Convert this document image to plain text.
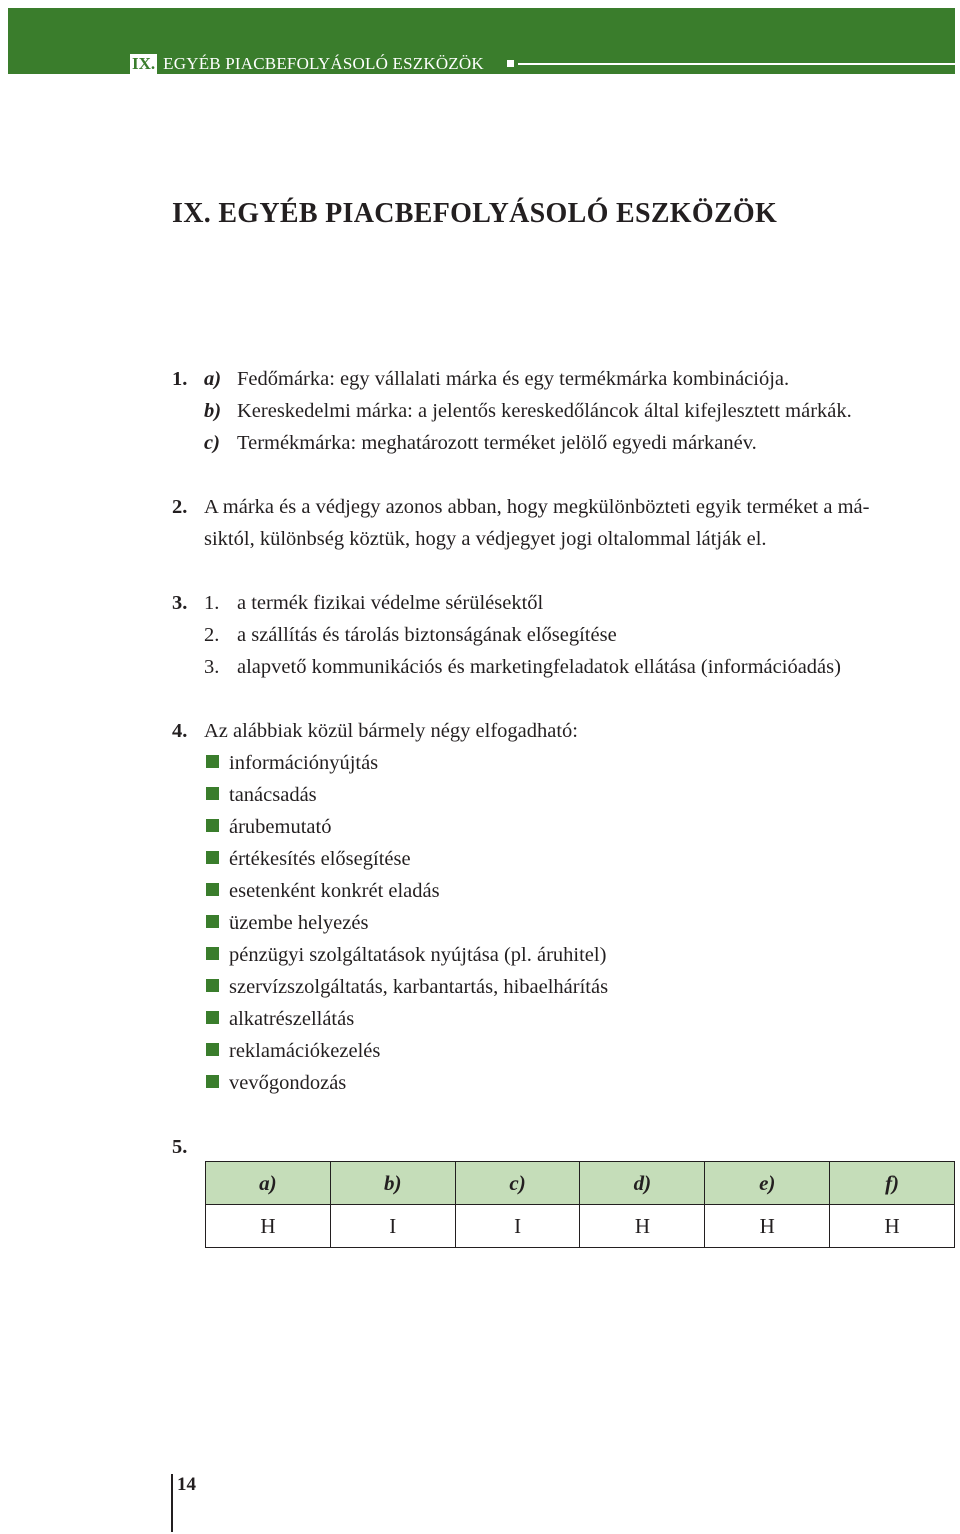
IX. EGYÉB PIACBEFOLYÁSOLÓ ESZKÖZÖK
IX. EGYÉB PIACBEFOLYÁSOLÓ ESZKÖZÖK
1. a) Fedőmárka: egy vállalati márka és egy termékmárka kombinációja.
b) Kereskedelmi márka: a jelentős kereskedőláncok által kifejlesztett márkák.
c) Termékmárka: meghatározott terméket jelölő egyedi márkanév.
2. A márka és a védjegy azonos abban, hogy megkülönbözteti egyik terméket a má-
siktól, különbség köztük, hogy a védjegyet jogi oltalommal látják el.
3. 1. a termék fizikai védelme sérülésektől
2. a szállítás és tárolás biztonságának elősegítése
3. alapvető kommunikációs és marketingfeladatok ellátása (információadás)
4. Az alábbiak közül bármely négy elfogadható:
információnyújtás
tanácsadás
árubemutató
értékesítés elősegítése
esetenként konkrét eladás
üzembe helyezés
pénzügyi szolgáltatások nyújtása (pl. áruhitel)
szervízszolgáltatás, karbantartás, hibaelhárítás
alkatrészellátás
reklamációkezelés
vevőgondozás
5.
a)	b)	c)	d)	e)	f)
H	I	I	H	H	H
14
